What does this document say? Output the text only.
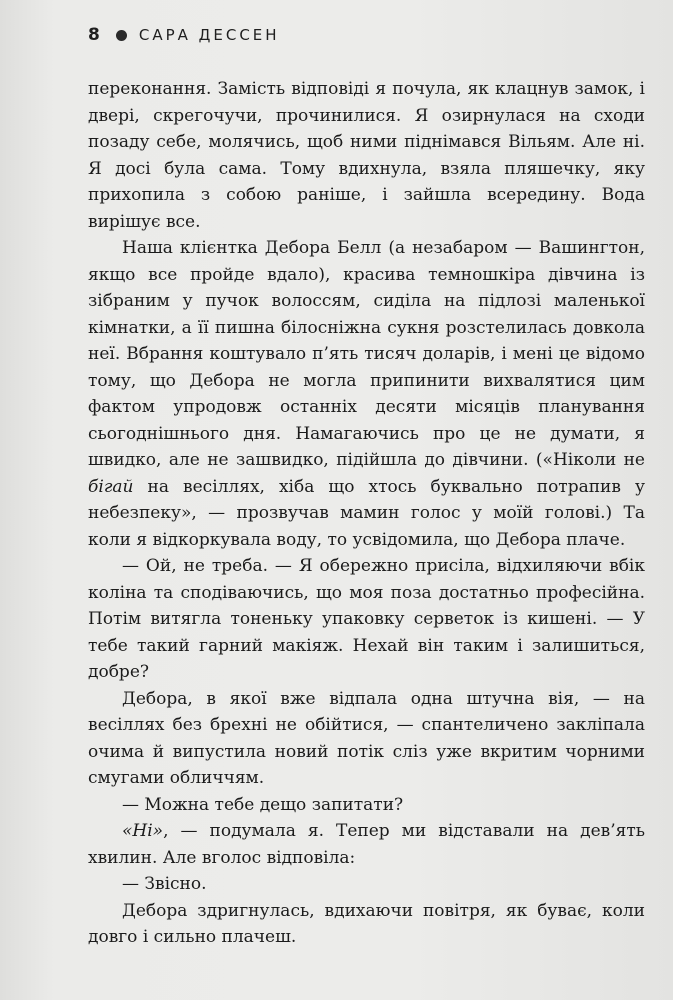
8	САРА ДЕССЕН

переконання. Замість відповіді я почула, як клацнув замок, і двері, скрегочучи, прочинилися. Я озирнулася на сходи позаду себе, молячись, щоб ними піднімався Вільям. Але ні. Я досі була сама. Тому вдихнула, взяла пляшечку, яку прихопила з собою раніше, і зайшла всередину. Вода вирішує все.

Наша клієнтка Дебора Белл (а незабаром — Вашингтон, якщо все пройде вдало), красива темношкіра дівчина із зібраним у пучок волоссям, сиділа на підлозі маленької кімнатки, а її пишна білосніжна сукня розстелилась довкола неї. Вбрання коштувало п’ять тисяч доларів, і мені це відомо тому, що Дебора не могла припинити вихвалятися цим фактом упродовж останніх десяти місяців планування сьогоднішнього дня. Намагаючись про це не думати, я швидко, але не зашвидко, підійшла до дівчини. («Ніколи не бігай на весіллях, хіба що хтось буквально потрапив у небезпеку», — прозвучав мамин голос у моїй голові.) Та коли я відкоркувала воду, то усвідомила, що Дебора плаче.

— Ой, не треба. — Я обережно присіла, відхиляючи вбік коліна та сподіваючись, що моя поза достатньо професійна. Потім витягла тоненьку упаковку серветок із кишені. — У тебе такий гарний макіяж. Нехай він таким і залишиться, добре?

Дебора, в якої вже відпала одна штучна вія, — на весіллях без брехні не обійтися, — спантеличено заклiпала очима й випустила новий потік сліз уже вкритим чорними смугами обличчям.

— Можна тебе дещо запитати?

«Ні», — подумала я. Тепер ми відставали на дев’ять хвилин. Але вголос відповіла:

— Звісно.

Дебора здригнулась, вдихаючи повітря, як буває, коли довго і сильно плачеш.
